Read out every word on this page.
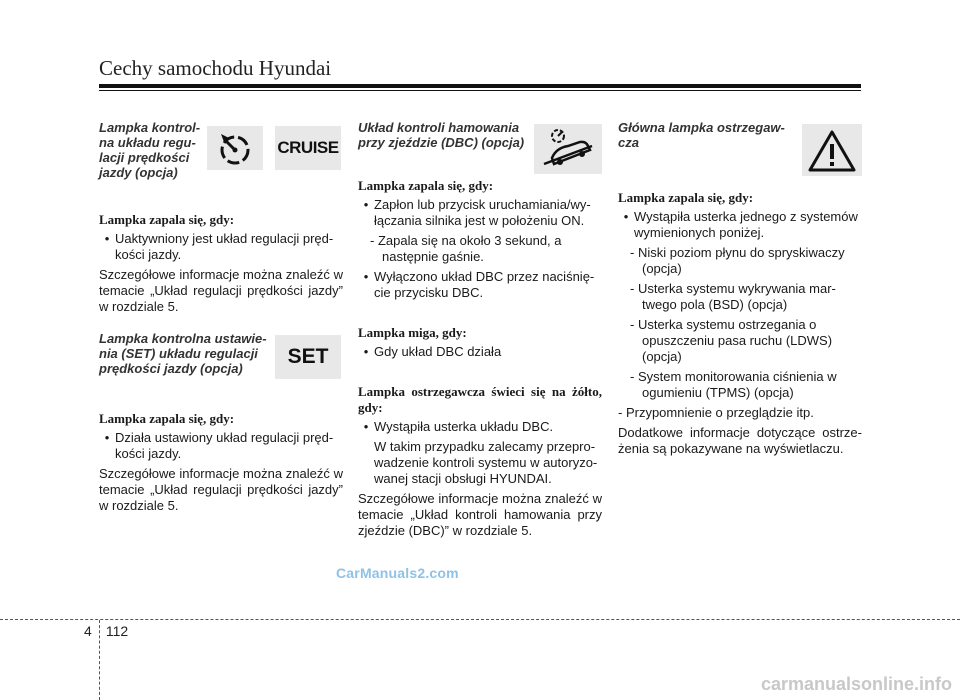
Cechy samochodu Hyundai
Lampka kontrol-
na układu regu-
lacji prędkości
jazdy (opcja)
CRUISE

Lampka zapala się, gdy:

• Uaktywniony jest układ regulacji pręd- kości jazdy.

Szczegółowe informacje można znaleźć w temacie „Układ regulacji prędkości jazdy” w rozdziale 5.

Lampka kontrolna ustawie-
nia (SET) układu regulacji
prędkości jazdy (opcja)
SET

Lampka zapala się, gdy:

• Działa ustawiony układ regulacji pręd- kości jazdy.

Szczegółowe informacje można znaleźć w temacie „Układ regulacji prędkości jazdy” w rozdziale 5.

Układ kontroli hamowania
przy zjeździe (DBC) (opcja)

Lampka zapala się, gdy:

• Zapłon lub przycisk uruchamiania/wy- łączania silnika jest w położeniu ON.

- Zapala się na około 3 sekund, a następnie gaśnie.

• Wyłączono układ DBC przez naciśnię- cie przycisku DBC.

Lampka miga, gdy:

• Gdy układ DBC działa

Lampka ostrzegawcza świeci się na żółto, gdy:

• Wystąpiła usterka układu DBC.

W takim przypadku zalecamy przepro- wadzenie kontroli systemu w autoryzo- wanej stacji obsługi HYUNDAI.

Szczegółowe informacje można znaleźć w temacie „Układ kontroli hamowania przy zjeździe (DBC)” w rozdziale 5.

Główna lampka ostrzegaw-
cza

Lampka zapala się, gdy:

• Wystąpiła usterka jednego z systemów wymienionych poniżej.

- Niski poziom płynu do spryskiwaczy (opcja)

- Usterka systemu wykrywania mar- twego pola (BSD) (opcja)

- Usterka systemu ostrzegania o opuszczeniu pasa ruchu (LDWS) (opcja)

- System monitorowania ciśnienia w ogumieniu (TPMS) (opcja)

- Przypomnienie o przeglądzie itp.

Dodatkowe informacje dotyczące ostrze- żenia są pokazywane na wyświetlaczu.

CarManuals2.com
4 112
carmanualsonline.info
